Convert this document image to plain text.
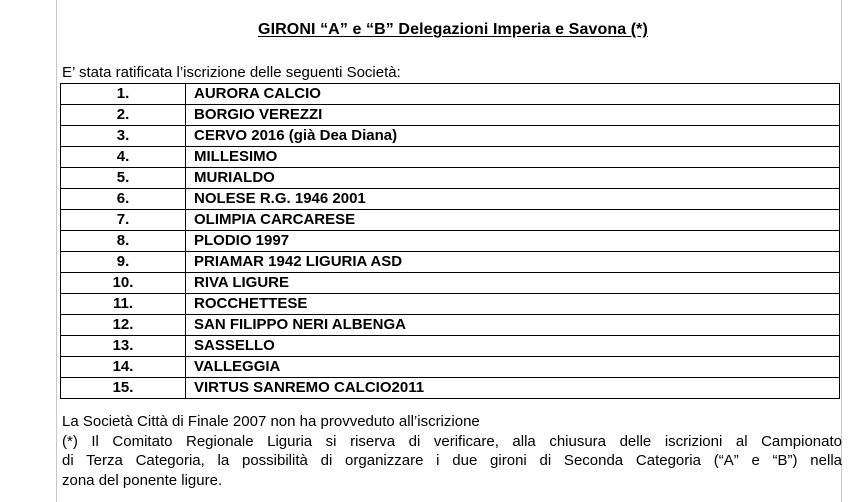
GIRONI “A” e “B” Delegazioni Imperia e Savona (*)
E’ stata ratificata l’iscrizione delle seguenti Società:
1.	AURORA CALCIO
2.	BORGIO VEREZZI
3.	CERVO 2016 (già Dea Diana)
4.	MILLESIMO
5.	MURIALDO
6.	NOLESE R.G. 1946 2001
7.	OLIMPIA CARCARESE
8.	PLODIO 1997
9.	PRIAMAR 1942 LIGURIA ASD
10.	RIVA LIGURE
11.	ROCCHETTESE
12.	SAN FILIPPO NERI ALBENGA
13.	SASSELLO
14.	VALLEGGIA
15.	VIRTUS SANREMO CALCIO2011

La Società Città di Finale 2007 non ha provveduto all’iscrizione

(*) Il Comitato Regionale Liguria si riserva di verificare, alla chiusura delle iscrizioni al Campionato

di Terza Categoria, la possibilità di organizzare i due gironi di Seconda Categoria (“A” e “B”) nella

zona del ponente ligure.
